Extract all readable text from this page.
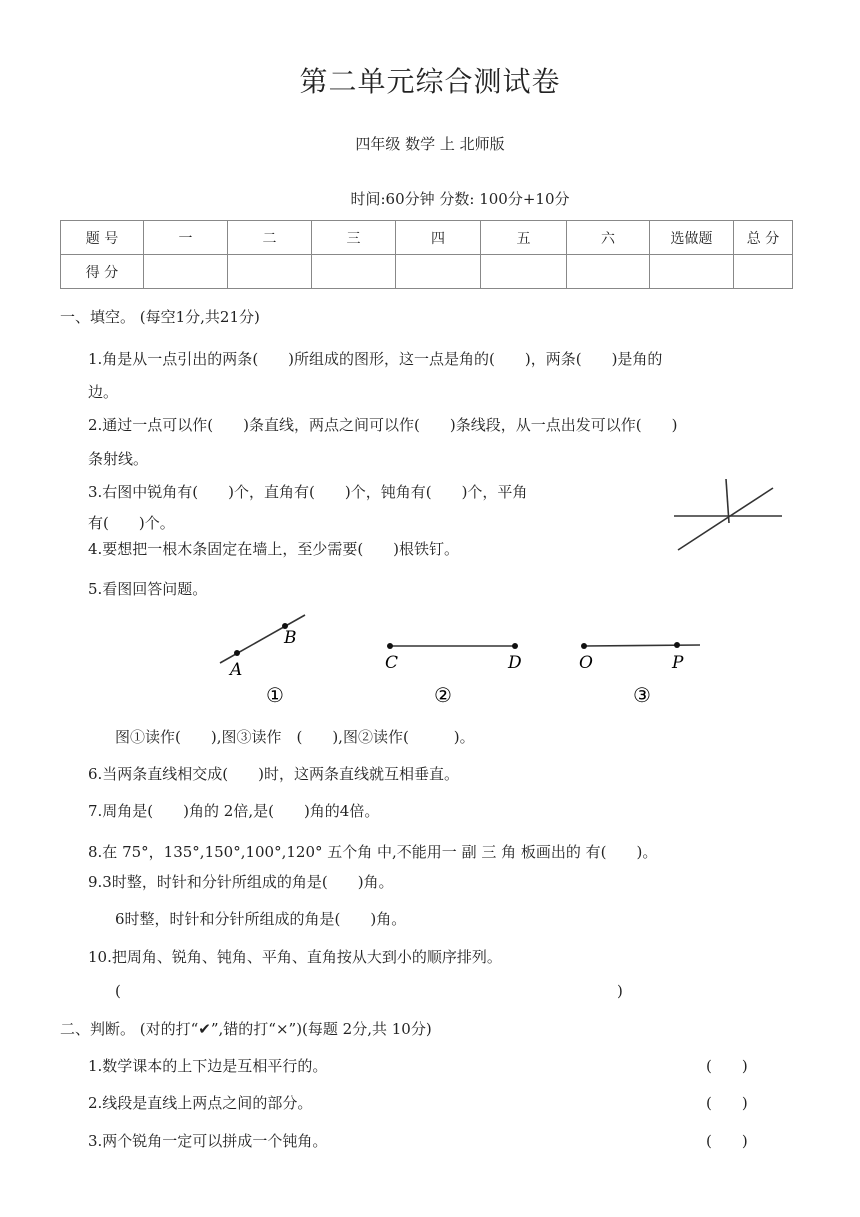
第二单元综合测试卷
四年级 数学 上 北师版
时间:60分钟 分数: 100分+10分
题 号	一	二	三	四	五	六	选做题	总 分
得 分								
一、填空。 (每空1分,共21分)
1.角是从一点引出的两条(　　)所组成的图形，这一点是角的(　　)，两条(　　)是角的
边。
2.通过一点可以作(　　)条直线，两点之间可以作(　　)条线段，从一点出发可以作(　　)
条射线。
3.右图中锐角有(　　)个，直角有(　　)个，钝角有(　　)个，平角
有(　　)个。
4.要想把一根木条固定在墙上，至少需要(　　)根铁钉。
5.看图回答问题。
A
B
C	D	O	P
①	②	③
图①读作(　　),图③读作　(　　),图②读作(　　　)。
6.当两条直线相交成(　　)时，这两条直线就互相垂直。
7.周角是(　　)角的 2倍,是(　　)角的4倍。
8.在 75°，135°,150°,100°,120° 五个角 中,不能用一 副 三 角 板画出的 有(　　)。
9.3时整，时针和分针所组成的角是(　　)角。
6时整，时针和分针所组成的角是(　　)角。
10.把周角、锐角、钝角、平角、直角按从大到小的顺序排列。
(	)
二、判断。 (对的打“✔”,错的打“×”)(每题 2分,共 10分)
1.数学课本的上下边是互相平行的。	(　　)
2.线段是直线上两点之间的部分。	(　　)
3.两个锐角一定可以拼成一个钝角。	(　　)
